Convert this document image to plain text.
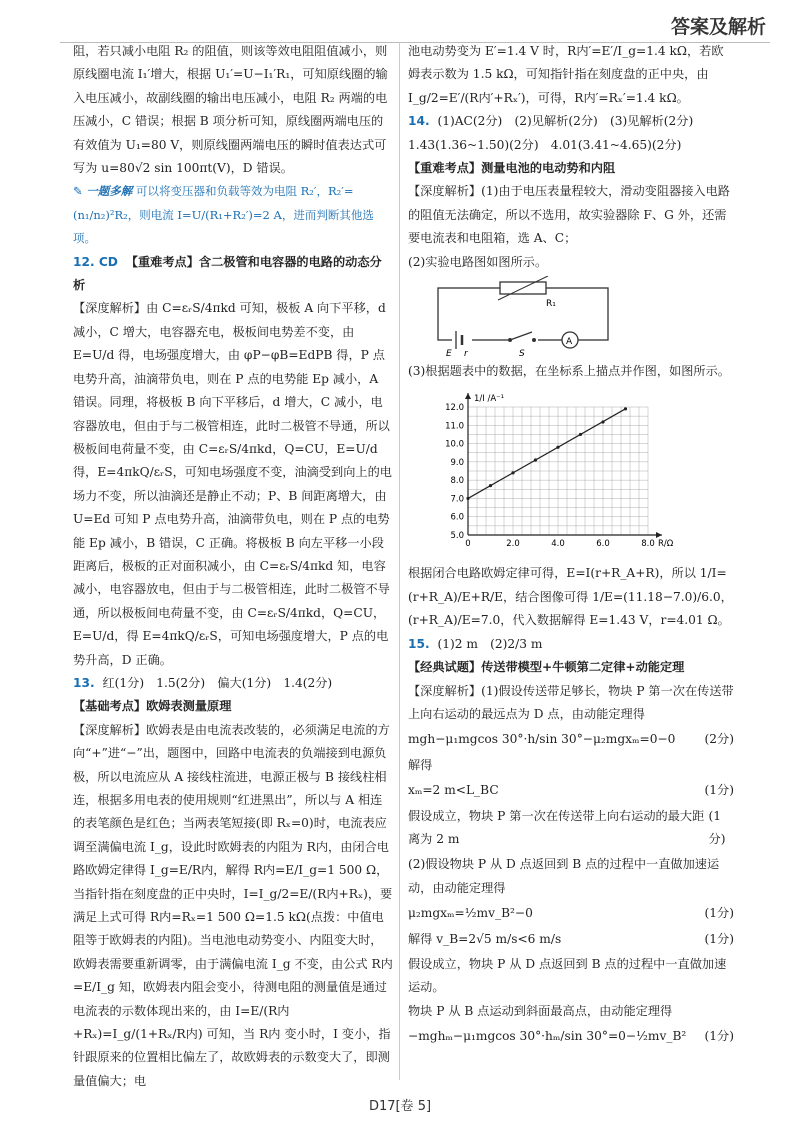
答案及解析

阻，若只减小电阻 R₂ 的阻值，则该等效电阻阻值减小，则原线圈电流 I₁′增大，根据 U₁′=U−I₁′R₁，可知原线圈的输入电压减小，故副线圈的输出电压减小，电阻 R₂ 两端的电压减小，C 错误；根据 B 项分析可知，原线圈两端电压的有效值为 U₁=80 V，则原线圈两端电压的瞬时值表达式可写为 u=80√2 sin 100πt(V)，D 错误。

✎ 一题多解 可以将变压器和负载等效为电阻 R₂′，R₂′=(n₁/n₂)²R₂，则电流 I=U/(R₁+R₂′)=2 A，进而判断其他选项。

12. CD 【重难考点】含二极管和电容器的电路的动态分析

【深度解析】由 C=εᵣS/4πkd 可知，极板 A 向下平移，d 减小，C 增大，电容器充电，极板间电势差不变，由 E=U/d 得，电场强度增大，由 φP−φB=EdPB 得，P 点电势升高，油滴带负电，则在 P 点的电势能 Ep 减小，A 错误。同理，将极板 B 向下平移后，d 增大，C 减小，电容器放电，但由于与二极管相连，此时二极管不导通，所以极板间电荷量不变，由 C=εᵣS/4πkd，Q=CU，E=U/d 得，E=4πkQ/εᵣS，可知电场强度不变，油滴受到向上的电场力不变，所以油滴还是静止不动；P、B 间距离增大，由 U=Ed 可知 P 点电势升高，油滴带负电，则在 P 点的电势能 Ep 减小，B 错误，C 正确。将极板 B 向左平移一小段距离后，极板的正对面积减小，由 C=εᵣS/4πkd 知，电容减小，电容器放电，但由于与二极管相连，此时二极管不导通，所以极板间电荷量不变，由 C=εᵣS/4πkd，Q=CU，E=U/d，得 E=4πkQ/εᵣS，可知电场强度增大，P 点的电势升高，D 正确。

13. 红(1分)　1.5(2分)　偏大(1分)　1.4(2分)

【基础考点】欧姆表测量原理

【深度解析】欧姆表是由电流表改装的，必须满足电流的方向“+”进“−”出，题图中，回路中电流表的负端接到电源负极，所以电流应从 A 接线柱流进，电源正极与 B 接线柱相连，根据多用电表的使用规则“红进黑出”，所以与 A 相连的表笔颜色是红色；当两表笔短接(即 Rₓ=0)时，电流表应调至满偏电流 I_g，设此时欧姆表的内阻为 R内，由闭合电路欧姆定律得 I_g=E/R内，解得 R内=E/I_g=1 500 Ω，当指针指在刻度盘的正中央时，I=I_g/2=E/(R内+Rₓ)，要满足上式可得 R内=Rₓ=1 500 Ω=1.5 kΩ(点拨：中值电阻等于欧姆表的内阻)。当电池电动势变小、内阻变大时，欧姆表需要重新调零，由于满偏电流 I_g 不变，由公式 R内=E/I_g 知，欧姆表内阻会变小，待测电阻的测量值是通过电流表的示数体现出来的，由 I=E/(R内+Rₓ)=I_g/(1+Rₓ/R内) 可知，当 R内 变小时，I 变小，指针跟原来的位置相比偏左了，故欧姆表的示数变大了，即测量值偏大；电

池电动势变为 E′=1.4 V 时，R内′=E′/I_g=1.4 kΩ，若欧姆表示数为 1.5 kΩ，可知指针指在刻度盘的正中央，由 I_g/2=E′/(R内′+Rₓ′)，可得，R内′=Rₓ′=1.4 kΩ。

14. (1)AC(2分)　(2)见解析(2分)　(3)见解析(2分)　1.43(1.36~1.50)(2分)　4.01(3.41~4.65)(2分)

【重难考点】测量电池的电动势和内阻

【深度解析】(1)由于电压表量程较大，滑动变阻器接入电路的阻值无法确定，所以不选用，故实验器除 F、G 外，还需要电流表和电阻箱，选 A、C；

(2)实验电路图如图所示。

R₁
E r	S
A

(3)根据题表中的数据，在坐标系上描点并作图，如图所示。

5.0
6.0
7.0
8.0
9.0
10.0
11.0
12.0
0	2.0	4.0	6.0	8.0 R/Ω
1/I /A⁻¹

根据闭合电路欧姆定律可得，E=I(r+R_A+R)，所以 1/I=(r+R_A)/E+R/E，结合图像可得 1/E=(11.18−7.0)/6.0，(r+R_A)/E=7.0，代入数据解得 E=1.43 V，r=4.01 Ω。

15. (1)2 m　(2)2/3 m

【经典试题】传送带模型+牛顿第二定律+动能定理

【深度解析】(1)假设传送带足够长，物块 P 第一次在传送带上向右运动的最远点为 D 点，由动能定理得

mgh−μ₁mgcos 30°·h/sin 30°−μ₂mgxₘ=0−0 (2分)

解得

xₘ=2 m<L_BC	(1分)
假设成立，物块 P 第一次在传送带上向右运动的最大距离为 2 m
(1分)

(2)假设物块 P 从 D 点返回到 B 点的过程中一直做加速运动，由动能定理得

μ₂mgxₘ=½mv_B²−0	(1分)
解得 v_B=2√5 m/s<6 m/s	(1分)

假设成立，物块 P 从 D 点返回到 B 点的过程中一直做加速运动。

物块 P 从 B 点运动到斜面最高点，由动能定理得

−mghₘ−μ₁mgcos 30°·hₘ/sin 30°=0−½mv_B² (1分)
D17[卷 5]
